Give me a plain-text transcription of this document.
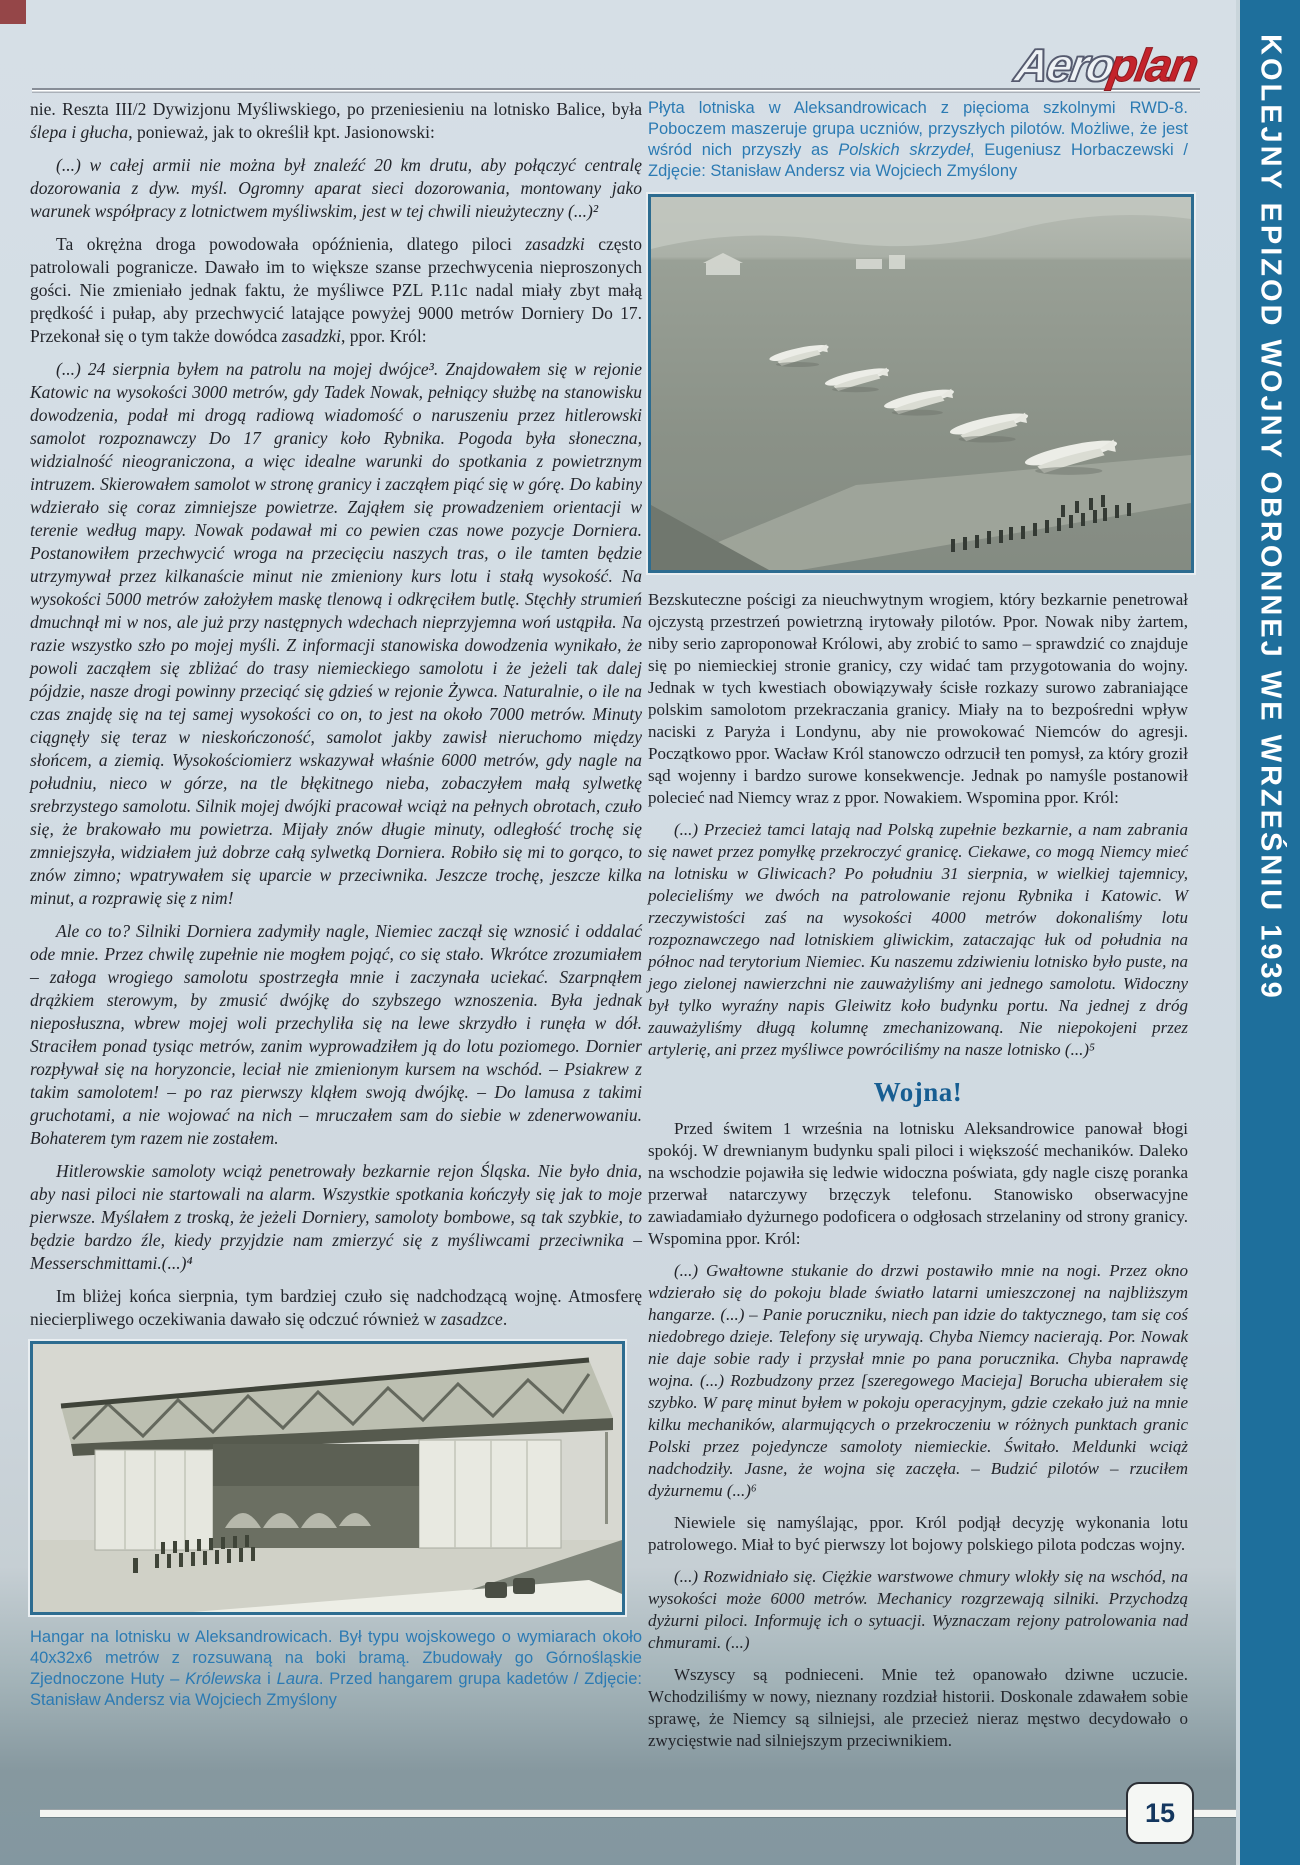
Aeroplan KOLEJNY EPIZOD WOJNY OBRONNEJ WE WRZEŚNIU 1939

nie. Reszta III/2 Dywizjonu Myśliwskiego, po przeniesieniu na lotnisko Balice, była ślepa i głucha, ponieważ, jak to określił kpt. Jasionowski:

(...) w całej armii nie można był znaleźć 20 km drutu, aby połączyć centralę dozorowania z dyw. myśl. Ogromny aparat sieci dozorowania, montowany jako warunek współpracy z lotnictwem myśliwskim, jest w tej chwili nieużyteczny (...)²

Ta okrężna droga powodowała opóźnienia, dlatego piloci zasadzki często patrolowali pogranicze. Dawało im to większe szanse przechwycenia nieproszonych gości. Nie zmieniało jednak faktu, że myśliwce PZL P.11c nadal miały zbyt małą prędkość i pułap, aby przechwycić latające powyżej 9000 metrów Dorniery Do 17. Przekonał się o tym także dowódca zasadzki, ppor. Król:

(...) 24 sierpnia byłem na patrolu na mojej dwójce³. Znajdowałem się w rejonie Katowic na wysokości 3000 metrów, gdy Tadek Nowak, pełniący służbę na stanowisku dowodzenia, podał mi drogą radiową wiadomość o naruszeniu przez hitlerowski samolot rozpoznawczy Do 17 granicy koło Rybnika. Pogoda była słoneczna, widzialność nieograniczona, a więc idealne warunki do spotkania z powietrznym intruzem. Skierowałem samolot w stronę granicy i zacząłem piąć się w górę. Do kabiny wdzierało się coraz zimniejsze powietrze. Zająłem się prowadzeniem orientacji w terenie według mapy. Nowak podawał mi co pewien czas nowe pozycje Dorniera. Postanowiłem przechwycić wroga na przecięciu naszych tras, o ile tamten będzie utrzymywał przez kilkanaście minut nie zmieniony kurs lotu i stałą wysokość. Na wysokości 5000 metrów założyłem maskę tlenową i odkręciłem butlę. Stęchły strumień dmuchnął mi w nos, ale już przy następnych wdechach nieprzyjemna woń ustąpiła. Na razie wszystko szło po mojej myśli. Z informacji stanowiska dowodzenia wynikało, że powoli zacząłem się zbliżać do trasy niemieckiego samolotu i że jeżeli tak dalej pójdzie, nasze drogi powinny przeciąć się gdzieś w rejonie Żywca. Naturalnie, o ile na czas znajdę się na tej samej wysokości co on, to jest na około 7000 metrów. Minuty ciągnęły się teraz w nieskończoność, samolot jakby zawisł nieruchomo między słońcem, a ziemią. Wysokościomierz wskazywał właśnie 6000 metrów, gdy nagle na południu, nieco w górze, na tle błękitnego nieba, zobaczyłem małą sylwetkę srebrzystego samolotu. Silnik mojej dwójki pracował wciąż na pełnych obrotach, czuło się, że brakowało mu powietrza. Mijały znów długie minuty, odległość trochę się zmniejszyła, widziałem już dobrze całą sylwetką Dorniera. Robiło się mi to gorąco, to znów zimno; wpatrywałem się uparcie w przeciwnika. Jeszcze trochę, jeszcze kilka minut, a rozprawię się z nim!

Ale co to? Silniki Dorniera zadymiły nagle, Niemiec zaczął się wznosić i oddalać ode mnie. Przez chwilę zupełnie nie mogłem pojąć, co się stało. Wkrótce zrozumiałem – załoga wrogiego samolotu spostrzegła mnie i zaczynała uciekać. Szarpnąłem drążkiem sterowym, by zmusić dwójkę do szybszego wznoszenia. Była jednak nieposłuszna, wbrew mojej woli przechyliła się na lewe skrzydło i runęła w dół. Straciłem ponad tysiąc metrów, zanim wyprowadziłem ją do lotu poziomego. Dornier rozpływał się na horyzoncie, leciał nie zmienionym kursem na wschód. – Psiakrew z takim samolotem! – po raz pierwszy kląłem swoją dwójkę. – Do lamusa z takimi gruchotami, a nie wojować na nich – mruczałem sam do siebie w zdenerwowaniu. Bohaterem tym razem nie zostałem.

Hitlerowskie samoloty wciąż penetrowały bezkarnie rejon Śląska. Nie było dnia, aby nasi piloci nie startowali na alarm. Wszystkie spotkania kończyły się jak to moje pierwsze. Myślałem z troską, że jeżeli Dorniery, samoloty bombowe, są tak szybkie, to będzie bardzo źle, kiedy przyjdzie nam zmierzyć się z myśliwcami przeciwnika – Messerschmittami.(...)⁴

Im bliżej końca sierpnia, tym bardziej czuło się nadchodzącą wojnę. Atmosferę niecierpliwego oczekiwania dawało się odczuć również w zasadzce.

Hangar na lotnisku w Aleksandrowicach. Był typu wojskowego o wymiarach około 40x32x6 metrów z rozsuwaną na boki bramą. Zbudowały go Górnośląskie Zjednoczone Huty – Królewska i Laura. Przed hangarem grupa kadetów / Zdjęcie: Stanisław Andersz via Wojciech Zmyślony

Płyta lotniska w Aleksandrowicach z pięcioma szkolnymi RWD-8. Poboczem maszeruje grupa uczniów, przyszłych pilotów. Możliwe, że jest wśród nich przyszły as Polskich skrzydeł, Eugeniusz Horbaczewski / Zdjęcie: Stanisław Andersz via Wojciech Zmyślony

Bezskuteczne pościgi za nieuchwytnym wrogiem, który bezkarnie penetrował ojczystą przestrzeń powietrzną irytowały pilotów. Ppor. Nowak niby żartem, niby serio zaproponował Królowi, aby zrobić to samo – sprawdzić co znajduje się po niemieckiej stronie granicy, czy widać tam przygotowania do wojny. Jednak w tych kwestiach obowiązywały ścisłe rozkazy surowo zabraniające polskim samolotom przekraczania granicy. Miały na to bezpośredni wpływ naciski z Paryża i Londynu, aby nie prowokować Niemców do agresji. Początkowo ppor. Wacław Król stanowczo odrzucił ten pomysł, za który groził sąd wojenny i bardzo surowe konsekwencje. Jednak po namyśle postanowił polecieć nad Niemcy wraz z ppor. Nowakiem. Wspomina ppor. Król:

(...) Przecież tamci latają nad Polską zupełnie bezkarnie, a nam zabrania się nawet przez pomyłkę przekroczyć granicę. Ciekawe, co mogą Niemcy mieć na lotnisku w Gliwicach? Po południu 31 sierpnia, w wielkiej tajemnicy, polecieliśmy we dwóch na patrolowanie rejonu Rybnika i Katowic. W rzeczywistości zaś na wysokości 4000 metrów dokonaliśmy lotu rozpoznawczego nad lotniskiem gliwickim, zataczając łuk od południa na północ nad terytorium Niemiec. Ku naszemu zdziwieniu lotnisko było puste, na jego zielonej nawierzchni nie zauważyliśmy ani jednego samolotu. Widoczny był tylko wyraźny napis Gleiwitz koło budynku portu. Na jednej z dróg zauważyliśmy długą kolumnę zmechanizowaną. Nie niepokojeni przez artylerię, ani przez myśliwce powróciliśmy na nasze lotnisko (...)⁵

Wojna!

Przed świtem 1 września na lotnisku Aleksandrowice panował błogi spokój. W drewnianym budynku spali piloci i większość mechaników. Daleko na wschodzie pojawiła się ledwie widoczna poświata, gdy nagle ciszę poranka przerwał natarczywy brzęczyk telefonu. Stanowisko obserwacyjne zawiadamiało dyżurnego podoficera o odgłosach strzelaniny od strony granicy. Wspomina ppor. Król:

(...) Gwałtowne stukanie do drzwi postawiło mnie na nogi. Przez okno wdzierało się do pokoju blade światło latarni umieszczonej na najbliższym hangarze. (...) – Panie poruczniku, niech pan idzie do taktycznego, tam się coś niedobrego dzieje. Telefony się urywają. Chyba Niemcy nacierają. Por. Nowak nie daje sobie rady i przysłał mnie po pana porucznika. Chyba naprawdę wojna. (...) Rozbudzony przez [szeregowego Macieja] Borucha ubierałem się szybko. W parę minut byłem w pokoju operacyjnym, gdzie czekało już na mnie kilku mechaników, alarmujących o przekroczeniu w różnych punktach granic Polski przez pojedyncze samoloty niemieckie. Świtało. Meldunki wciąż nadchodziły. Jasne, że wojna się zaczęła. – Budzić pilotów – rzuciłem dyżurnemu (...)⁶

Niewiele się namyślając, ppor. Król podjął decyzję wykonania lotu patrolowego. Miał to być pierwszy lot bojowy polskiego pilota podczas wojny.

(...) Rozwidniało się. Ciężkie warstwowe chmury wlokły się na wschód, na wysokości może 6000 metrów. Mechanicy rozgrzewają silniki. Przychodzą dyżurni piloci. Informuję ich o sytuacji. Wyznaczam rejony patrolowania nad chmurami. (...)

Wszyscy są podnieceni. Mnie też opanowało dziwne uczucie. Wchodziliśmy w nowy, nieznany rozdział historii. Doskonale zdawałem sobie sprawę, że Niemcy są silniejsi, ale przecież nieraz męstwo decydowało o zwycięstwie nad silniejszym przeciwnikiem.

15
